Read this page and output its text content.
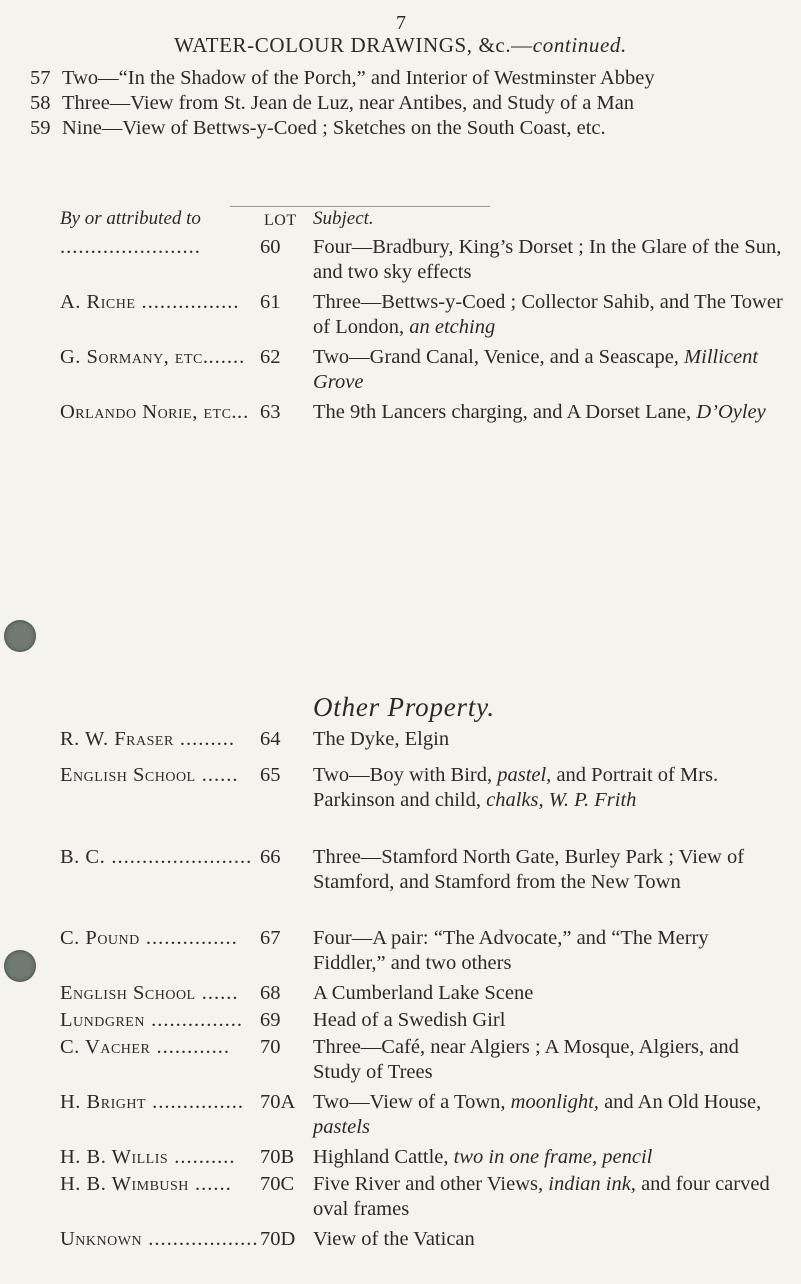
7
WATER-COLOUR DRAWINGS, &c.—continued.
57 Two—“In the Shadow of the Porch,” and Interior of Westminster Abbey
58 Three—View from St. Jean de Luz, near Antibes, and Study of a Man
59 Nine—View of Bettws-y-Coed ; Sketches on the South Coast, etc.
By or attributed to	LOT Subject.
.......................	60	Four—Bradbury, King’s Dorset ; In the Glare of the Sun, and two sky effects
A. Riche ................ 61	Three—Bettws-y-Coed ; Collector Sahib, and The Tower of London, an etching
G. Sormany, etc....... 62	Two—Grand Canal, Venice, and a Seascape, Millicent Grove
Orlando Norie, etc... 63	The 9th Lancers charging, and A Dorset Lane, D’Oyley
Other Property.
R. W. Fraser .........	64	The Dyke, Elgin
English School ......	65	Two—Boy with Bird, pastel, and Portrait of Mrs. Parkinson and child, chalks, W. P. Frith
B. C. ....................... 66	Three—Stamford North Gate, Burley Park ; View of Stamford, and Stamford from the New Town
C. Pound ...............	67	Four—A pair: “The Advocate,” and “The Merry Fiddler,” and two others
English School ......	68	A Cumberland Lake Scene
Lundgren ............... 69	Head of a Swedish Girl
C. Vacher ............	70	Three—Café, near Algiers ; A Mosque, Algiers, and Study of Trees
H. Bright ............... 70A Two—View of a Town, moonlight, and An Old House, pastels
H. B. Willis ..........	70B Highland Cattle, two in one frame, pencil
H. B. Wimbush ......	70C Five River and other Views, indian ink, and four carved oval frames
Unknown .................. 70D View of the Vatican
